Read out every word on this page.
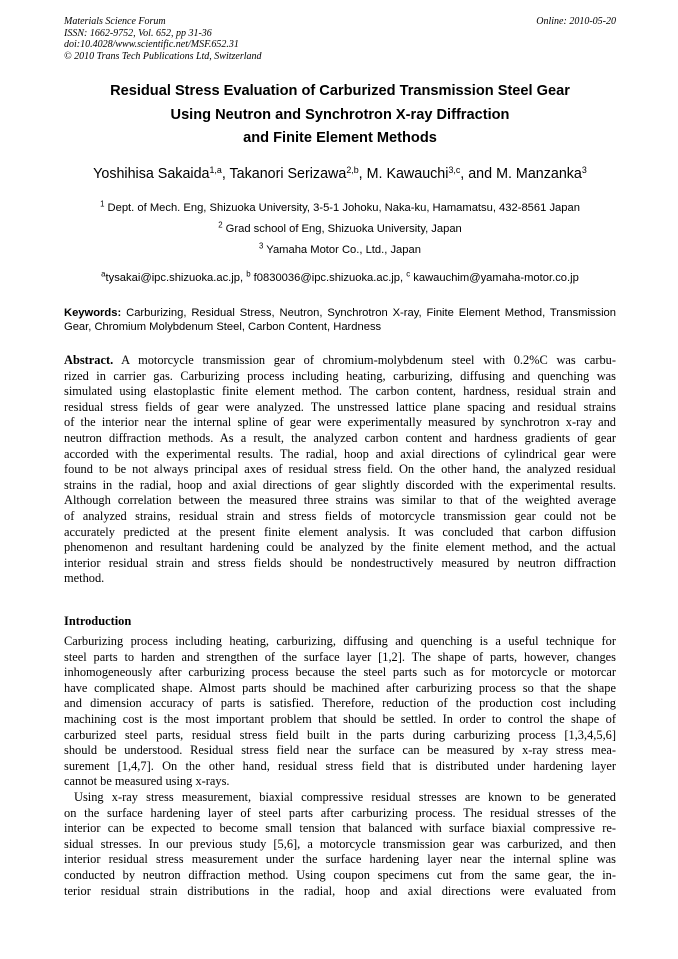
Materials Science Forum
ISSN: 1662-9752, Vol. 652, pp 31-36
doi:10.4028/www.scientific.net/MSF.652.31
© 2010 Trans Tech Publications Ltd, Switzerland
Online: 2010-05-20
Residual Stress Evaluation of Carburized Transmission Steel Gear
Using Neutron and Synchrotron X-ray Diffraction
and Finite Element Methods
Yoshihisa Sakaida$^{1,a}$, Takanori Serizawa$^{2,b}$, M. Kawauchi$^{3,c}$, and M. Manzanka$^3$
$^1$ Dept. of Mech. Eng, Shizuoka University, 3-5-1 Johoku, Naka-ku, Hamamatsu, 432-8561 Japan
$^2$ Grad school of Eng, Shizuoka University, Japan
$^3$ Yamaha Motor Co., Ltd., Japan
$^a$tysakai@ipc.shizuoka.ac.jp, $^b$ f0830036@ipc.shizuoka.ac.jp, $^c$ kawauchim@yamaha-motor.co.jp
Keywords: Carburizing, Residual Stress, Neutron, Synchrotron X-ray, Finite Element Method, Transmission Gear, Chromium Molybdenum Steel, Carbon Content, Hardness
Abstract. A motorcycle transmission gear of chromium-molybdenum steel with 0.2%C was carbu-
rized in carrier gas. Carburizing process including heating, carburizing, diffusing and quenching was
simulated using elastoplastic finite element method. The carbon content, hardness, residual strain and
residual stress fields of gear were analyzed. The unstressed lattice plane spacing and residual strains
of the interior near the internal spline of gear were experimentally measured by synchrotron x-ray and
neutron diffraction methods. As a result, the analyzed carbon content and hardness gradients of gear
accorded with the experimental results. The radial, hoop and axial directions of cylindrical gear were
found to be not always principal axes of residual stress field. On the other hand, the analyzed residual
strains in the radial, hoop and axial directions of gear slightly discorded with the experimental results.
Although correlation between the measured three strains was similar to that of the weighted average
of analyzed strains, residual strain and stress fields of motorcycle transmission gear could not be
accurately predicted at the present finite element analysis. It was concluded that carbon diffusion
phenomenon and resultant hardening could be analyzed by the finite element method, and the actual
interior residual strain and stress fields should be nondestructively measured by neutron diffraction
method.
Introduction
Carburizing process including heating, carburizing, diffusing and quenching is a useful technique for
steel parts to harden and strengthen of the surface layer [1,2]. The shape of parts, however, changes
inhomogeneously after carburizing process because the steel parts such as for motorcycle or motorcar
have complicated shape. Almost parts should be machined after carburizing process so that the shape
and dimension accuracy of parts is satisfied. Therefore, reduction of the production cost including
machining cost is the most important problem that should be settled. In order to control the shape of
carburized steel parts, residual stress field built in the parts during carburizing process [1,3,4,5,6]
should be understood. Residual stress field near the surface can be measured by x-ray stress mea-
surement [1,4,7]. On the other hand, residual stress field that is distributed under hardening layer
cannot be measured using x-rays.
Using x-ray stress measurement, biaxial compressive residual stresses are known to be generated
on the surface hardening layer of steel parts after carburizing process. The residual stresses of the
interior can be expected to become small tension that balanced with surface biaxial compressive re-
sidual stresses. In our previous study [5,6], a motorcycle transmission gear was carburized, and then
interior residual stress measurement under the surface hardening layer near the internal spline was
conducted by neutron diffraction method. Using coupon specimens cut from the same gear, the in-
terior residual strain distributions in the radial, hoop and axial directions were evaluated from
